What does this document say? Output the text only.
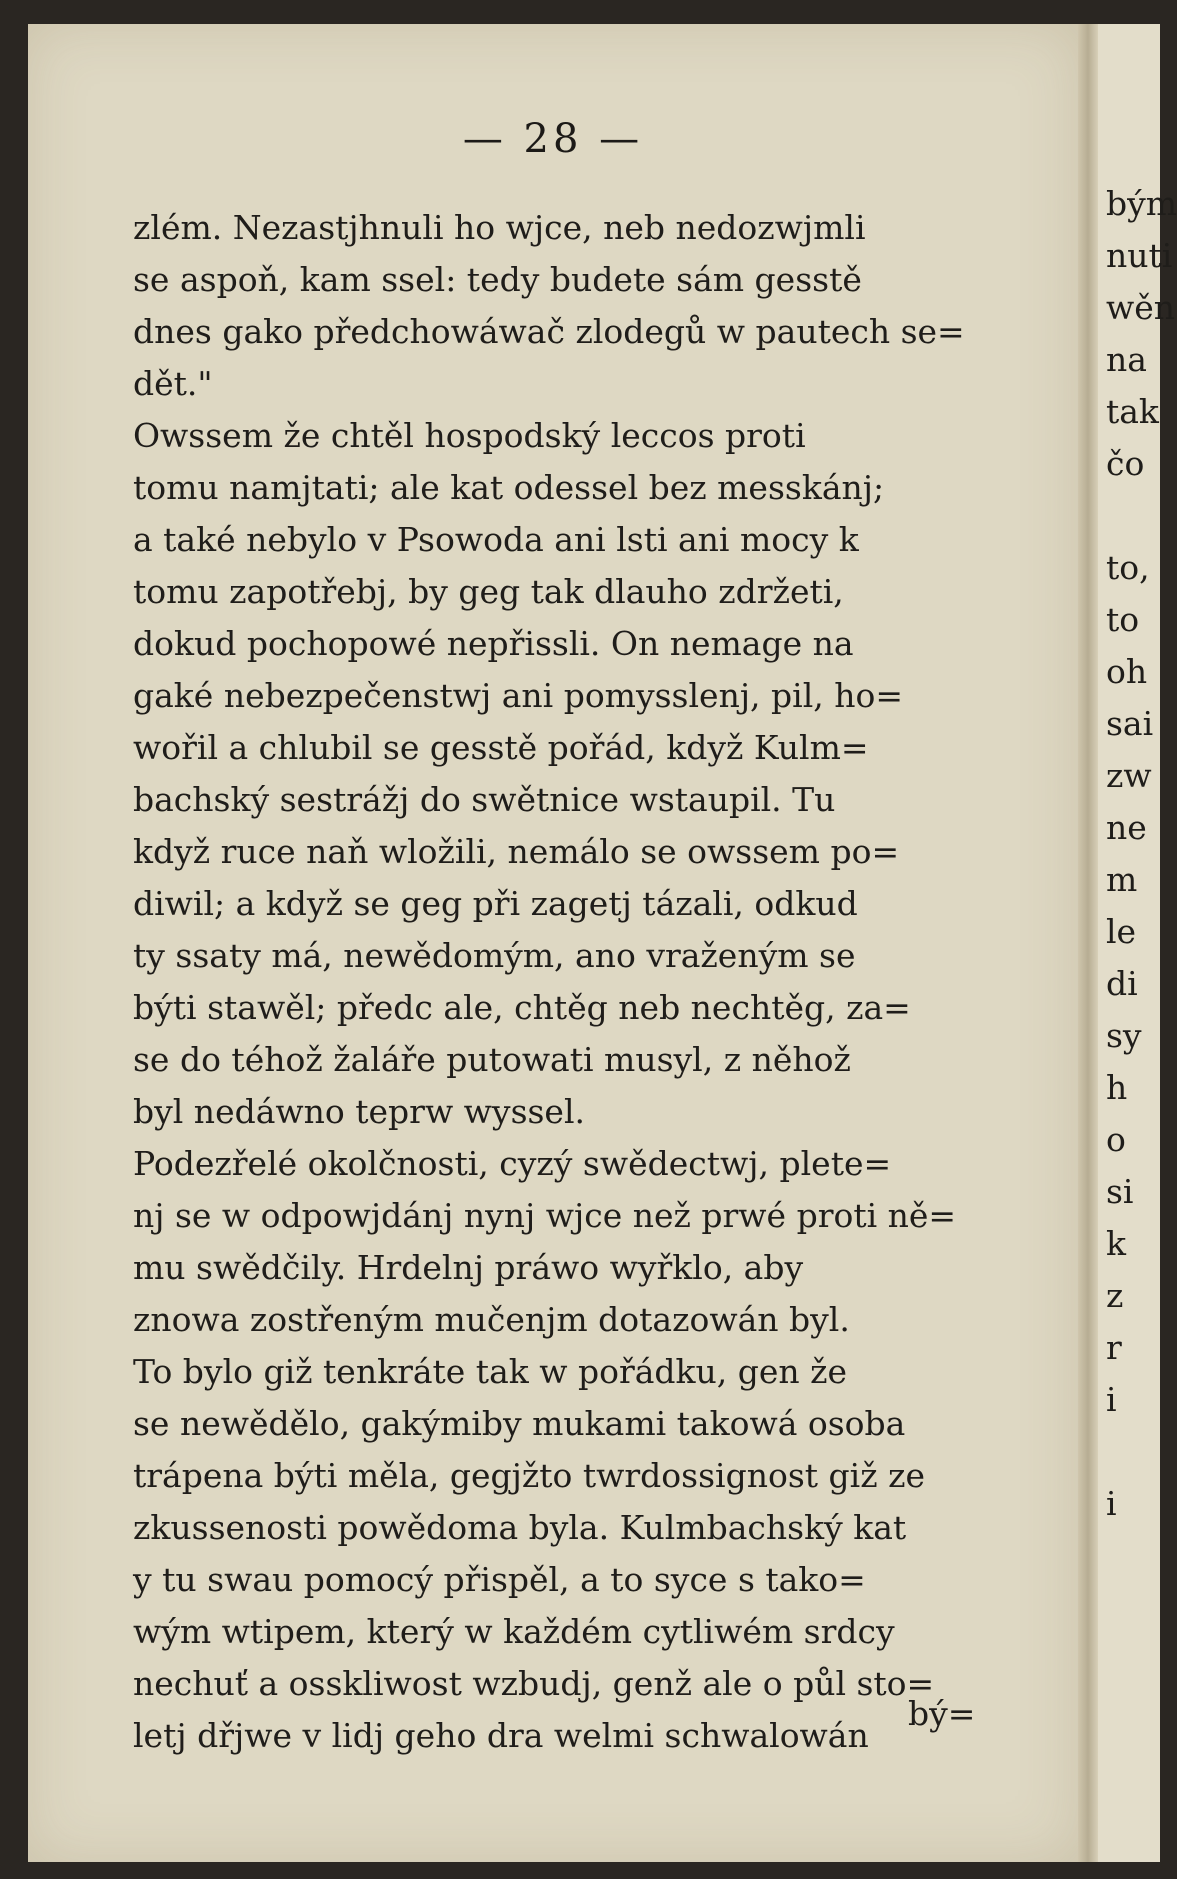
— 28 —
zlém. Nezastjhnuli ho wjce, neb nedozwjmli
se aspoň, kam ssel: tedy budete sám gesstě
dnes gako předchowáwač zlodegů w pautech se=
dět."
Owssem že chtěl hospodský leccos proti
tomu namjtati; ale kat odessel bez messkánj;
a také nebylo v Psowoda ani lsti ani mocy k
tomu zapotřebj, by geg tak dlauho zdržeti,
dokud pochopowé nepřissli. On nemage na
gaké nebezpečenstwj ani pomysslenj, pil, ho=
wořil a chlubil se gesstě pořád, když Kulm=
bachský sestrážj do swětnice wstaupil. Tu
když ruce naň wložili, nemálo se owssem po=
diwil; a když se geg při zagetj tázali, odkud
ty ssaty má, newědomým, ano vraženým se
býti stawěl; předc ale, chtěg neb nechtěg, za=
se do téhož žaláře putowati musyl, z něhož
byl nedáwno teprw wyssel.
Podezřelé okolčnosti, cyzý swědectwj, plete=
nj se w odpowjdánj nynj wjce než prwé proti ně=
mu swědčily. Hrdelnj práwo wyřklo, aby
znowa zostřeným mučenjm dotazowán byl.
To bylo giž tenkráte tak w pořádku, gen že
se newědělo, gakýmiby mukami takowá osoba
trápena býti měla, gegjžto twrdossignost giž ze
zkussenosti powědoma byla. Kulmbachský kat
y tu swau pomocý přispěl, a to syce s tako=
wým wtipem, který w každém cytliwém srdcy
nechuť a osskliwost wzbudj, genž ale o půl sto=
letj dřjwe v lidj geho dra welmi schwalowán
bý=
bým
nuti
wěn
na
tak
čo
to,
to
oh
sai
zw
ne
m
le
di
sy
h
o
si
k
z
r
i
i
